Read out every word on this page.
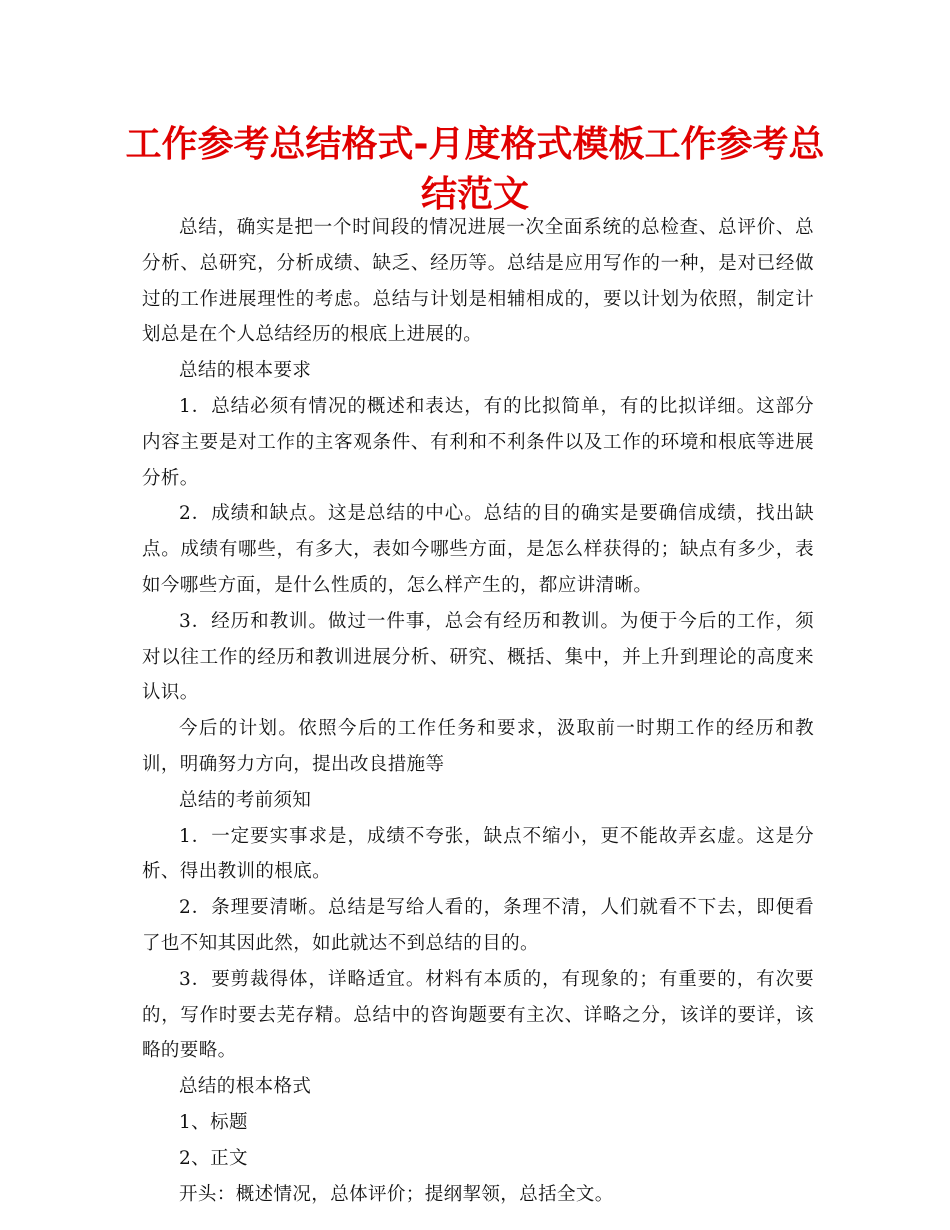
工作参考总结格式-月度格式模板工作参考总结范文

总结，确实是把一个时间段的情况进展一次全面系统的总检查、总评价、总分析、总研究，分析成绩、缺乏、经历等。总结是应用写作的一种，是对已经做过的工作进展理性的考虑。总结与计划是相辅相成的，要以计划为依照，制定计划总是在个人总结经历的根底上进展的。

总结的根本要求

1．总结必须有情况的概述和表达，有的比拟简单，有的比拟详细。这部分内容主要是对工作的主客观条件、有利和不利条件以及工作的环境和根底等进展分析。

2．成绩和缺点。这是总结的中心。总结的目的确实是要确信成绩，找出缺点。成绩有哪些，有多大，表如今哪些方面，是怎么样获得的；缺点有多少，表如今哪些方面，是什么性质的，怎么样产生的，都应讲清晰。

3．经历和教训。做过一件事，总会有经历和教训。为便于今后的工作，须对以往工作的经历和教训进展分析、研究、概括、集中，并上升到理论的高度来认识。

今后的计划。依照今后的工作任务和要求，汲取前一时期工作的经历和教训，明确努力方向，提出改良措施等

总结的考前须知

1．一定要实事求是，成绩不夸张，缺点不缩小，更不能故弄玄虚。这是分析、得出教训的根底。

2．条理要清晰。总结是写给人看的，条理不清，人们就看不下去，即便看了也不知其因此然，如此就达不到总结的目的。

3．要剪裁得体，详略适宜。材料有本质的，有现象的；有重要的，有次要的，写作时要去芜存精。总结中的咨询题要有主次、详略之分，该详的要详，该略的要略。

总结的根本格式

1、标题

2、正文

开头：概述情况，总体评价；提纲挈领，总括全文。
